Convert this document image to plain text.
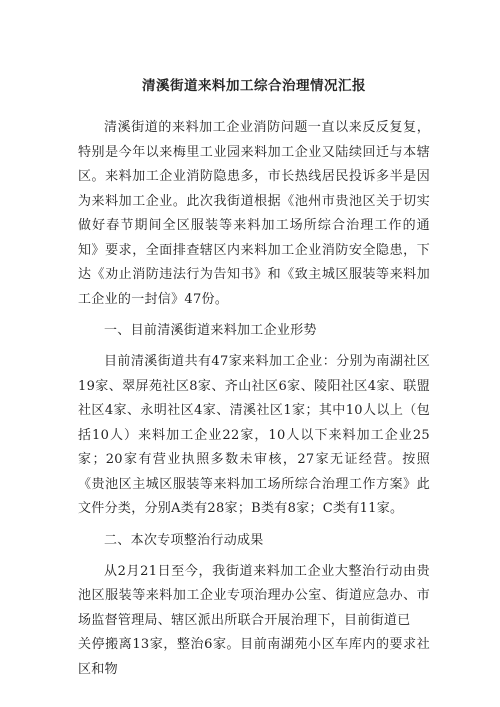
清溪街道来料加工综合治理情况汇报

清溪街道的来料加工企业消防问题一直以来反反复复，特别是今年以来梅里工业园来料加工企业又陆续回迁与本辖区。来料加工企业消防隐患多，市长热线居民投诉多半是因为来料加工企业。此次我街道根据《池州市贵池区关于切实做好春节期间全区服装等来料加工场所综合治理工作的通知》要求，全面排查辖区内来料加工企业消防安全隐患，下达《劝止消防违法行为告知书》和《致主城区服装等来料加工企业的一封信》47份。

一、目前清溪街道来料加工企业形势

目前清溪街道共有47家来料加工企业：分别为南湖社区19家、翠屏苑社区8家、齐山社区6家、陵阳社区4家、联盟社区4家、永明社区4家、清溪社区1家；其中10人以上（包括10人）来料加工企业22家，10人以下来料加工企业25家；20家有营业执照多数未审核，27家无证经营。按照《贵池区主城区服装等来料加工场所综合治理工作方案》此文件分类，分别A类有28家；B类有8家；C类有11家。

二、本次专项整治行动成果

从2月21日至今，我街道来料加工企业大整治行动由贵池区服装等来料加工企业专项治理办公室、街道应急办、市场监督管理局、辖区派出所联合开展治理下，目前街道已

关停搬离13家，整治6家。目前南湖苑小区车库内的要求社区和物
